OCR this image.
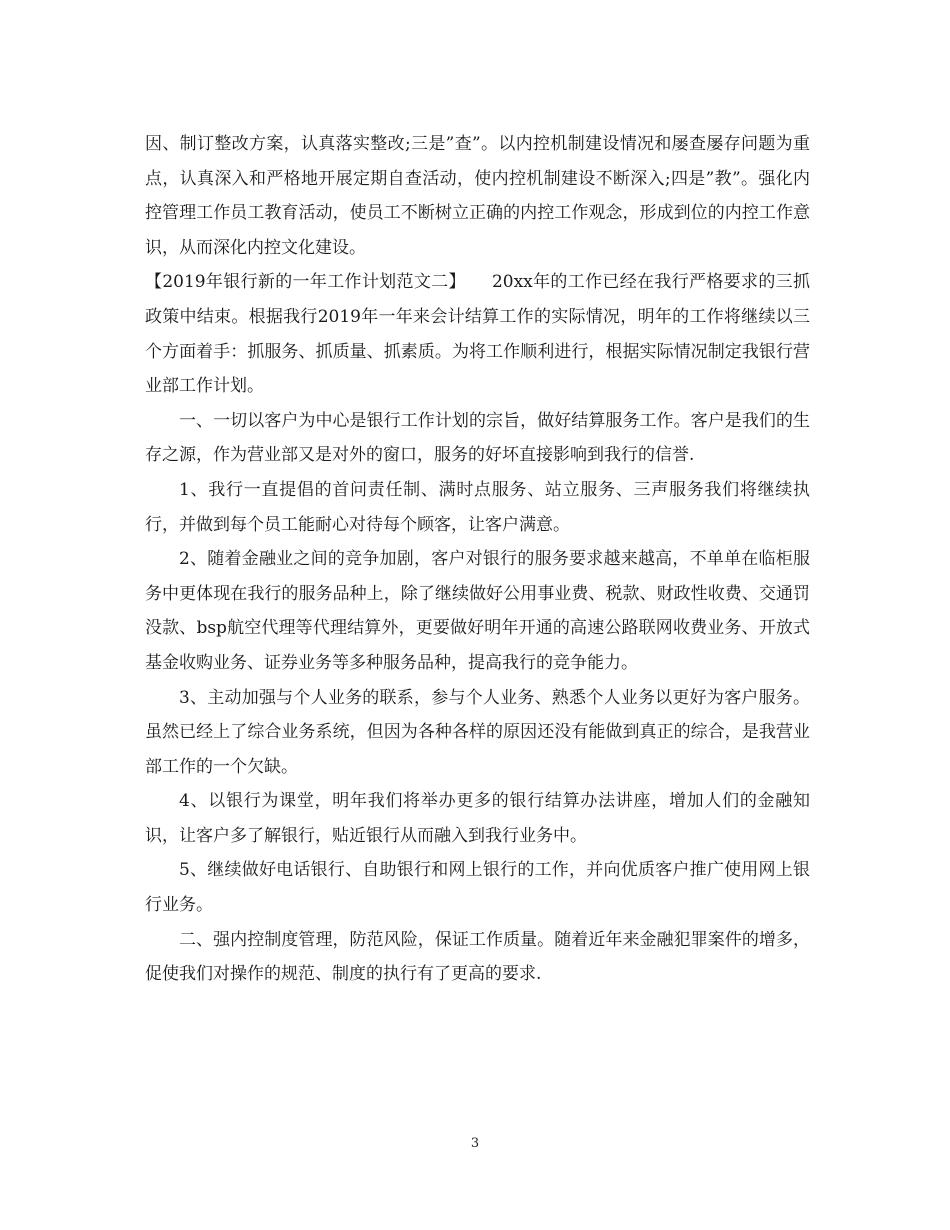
因、制订整改方案，认真落实整改;三是”查”。以内控机制建设情况和屡查屡存问题为重点，认真深入和严格地开展定期自查活动，使内控机制建设不断深入;四是”教”。强化内控管理工作员工教育活动，使员工不断树立正确的内控工作观念，形成到位的内控工作意识，从而深化内控文化建设。

【2019年银行新的一年工作计划范文二】　　20xx年的工作已经在我行严格要求的三抓政策中结束。根据我行2019年一年来会计结算工作的实际情况，明年的工作将继续以三个方面着手：抓服务、抓质量、抓素质。为将工作顺利进行，根据实际情况制定我银行营业部工作计划。

一、一切以客户为中心是银行工作计划的宗旨，做好结算服务工作。客户是我们的生存之源，作为营业部又是对外的窗口，服务的好坏直接影响到我行的信誉.

1、我行一直提倡的首问责任制、满时点服务、站立服务、三声服务我们将继续执行，并做到每个员工能耐心对待每个顾客，让客户满意。

2、随着金融业之间的竞争加剧，客户对银行的服务要求越来越高，不单单在临柜服务中更体现在我行的服务品种上，除了继续做好公用事业费、税款、财政性收费、交通罚没款、bsp航空代理等代理结算外，更要做好明年开通的高速公路联网收费业务、开放式基金收购业务、证券业务等多种服务品种，提高我行的竞争能力。

3、主动加强与个人业务的联系，参与个人业务、熟悉个人业务以更好为客户服务。虽然已经上了综合业务系统，但因为各种各样的原因还没有能做到真正的综合，是我营业部工作的一个欠缺。

4、以银行为课堂，明年我们将举办更多的银行结算办法讲座，增加人们的金融知识，让客户多了解银行，贴近银行从而融入到我行业务中。

5、继续做好电话银行、自助银行和网上银行的工作，并向优质客户推广使用网上银行业务。

二、强内控制度管理，防范风险，保证工作质量。随着近年来金融犯罪案件的增多，促使我们对操作的规范、制度的执行有了更高的要求.

3
